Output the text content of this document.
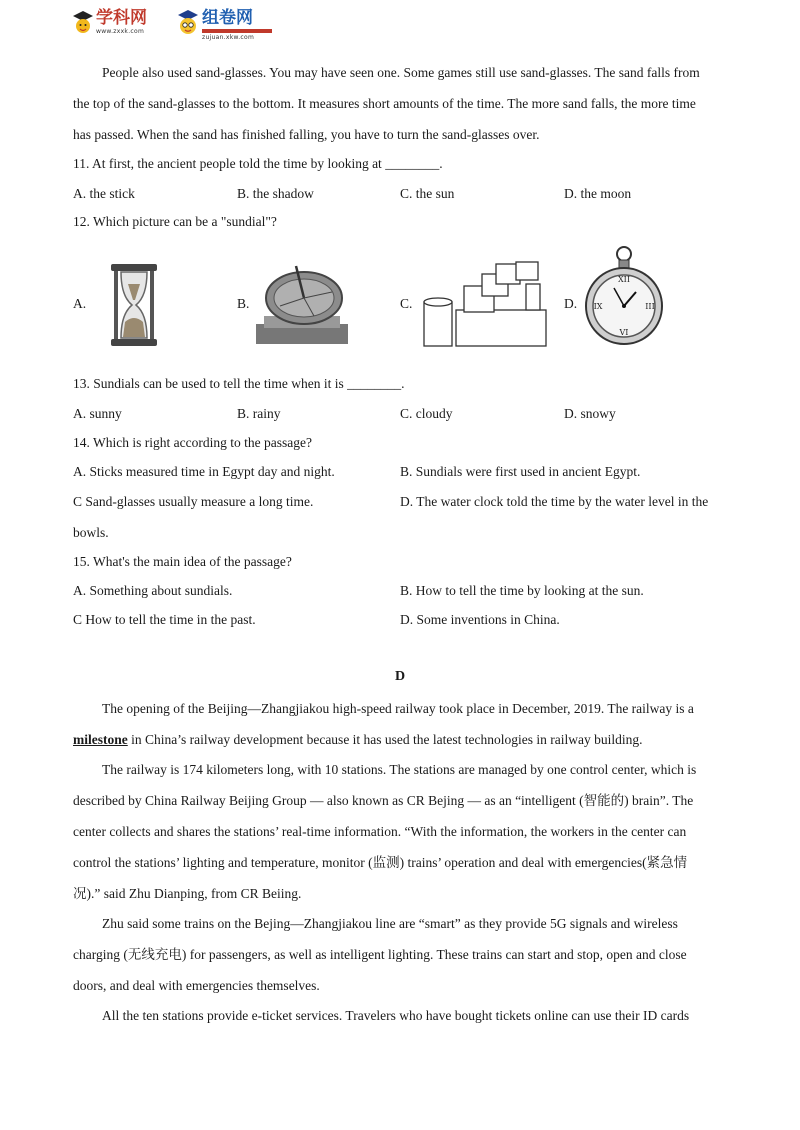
学科网
www.zxxk.com
组卷网
zujuan.xkw.com
People also used sand-glasses. You may have seen one. Some games still use sand-glasses. The sand falls from
the top of the sand-glasses to the bottom. It measures short amounts of the time. The more sand falls, the more time
has passed. When the sand has finished falling, you have to turn the sand-glasses over.
11. At first, the ancient people told the time by looking at ________.
A. the stick	B. the shadow	C. the sun	D. the moon
12. Which picture can be a "sundial"?
A.	B.	C.	D.
XII
III
VI
IX
13. Sundials can be used to tell the time when it is ________.
A. sunny	B. rainy	C. cloudy	D. snowy
14. Which is right according to the passage?
A. Sticks measured time in Egypt day and night.	B. Sundials were first used in ancient Egypt.
C Sand-glasses usually measure a long time.	D. The water clock told the time by the water level in the
bowls.
15. What's the main idea of the passage?
A. Something about sundials.	B. How to tell the time by looking at the sun.
C How to tell the time in the past.	D. Some inventions in China.
D
The opening of the Beijing—Zhangjiakou high-speed railway took place in December, 2019. The railway is a
milestone in China’s railway development because it has used the latest technologies in railway building.
The railway is 174 kilometers long, with 10 stations. The stations are managed by one control center, which is
described by China Railway Beijing Group — also known as CR Bejing — as an “intelligent (智能的) brain”. The
center collects and shares the stations’ real-time information. “With the information, the workers in the center can
control the stations’ lighting and temperature, monitor (监测) trains’ operation and deal with emergencies(紧急情
况).” said Zhu Dianping, from CR Beiing.
Zhu said some trains on the Bejing—Zhangjiakou line are “smart” as they provide 5G signals and wireless
charging (无线充电) for passengers, as well as intelligent lighting. These trains can start and stop, open and close
doors, and deal with emergencies themselves.
All the ten stations provide e-ticket services. Travelers who have bought tickets online can use their ID cards
